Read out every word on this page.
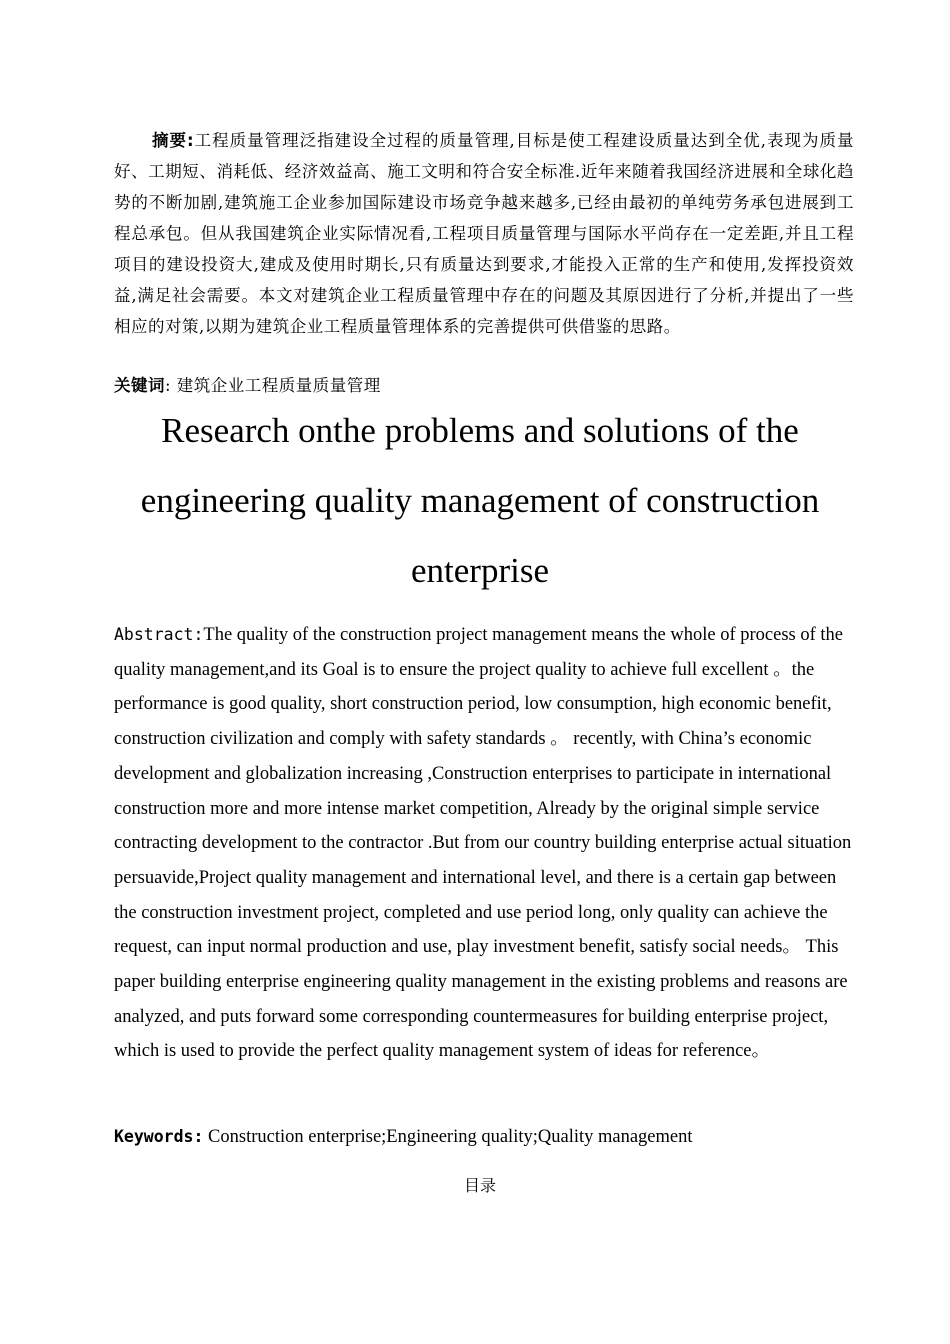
摘要:工程质量管理泛指建设全过程的质量管理,目标是使工程建设质量达到全优,表现为质量好、工期短、消耗低、经济效益高、施工文明和符合安全标准.近年来随着我国经济进展和全球化趋势的不断加剧,建筑施工企业参加国际建设市场竞争越来越多,已经由最初的单纯劳务承包进展到工程总承包。但从我国建筑企业实际情况看,工程项目质量管理与国际水平尚存在一定差距,并且工程项目的建设投资大,建成及使用时期长,只有质量达到要求,才能投入正常的生产和使用,发挥投资效益,满足社会需要。本文对建筑企业工程质量管理中存在的问题及其原因进行了分析,并提出了一些相应的对策,以期为建筑企业工程质量管理体系的完善提供可供借鉴的思路。

关键词: 建筑企业工程质量质量管理

Research onthe problems and solutions of the engineering quality management of construction enterprise

Abstract:The quality of the construction project management means the whole of process of the quality management,and its Goal is to ensure the project quality to achieve full excellent 。the performance is good quality, short construction period, low consumption, high economic benefit, construction civilization and comply with safety standards 。 recently, with China’s economic development and globalization increasing ,Construction enterprises to participate in international construction more and more intense market competition, Already by the original simple service contracting development to the contractor .But from our country building enterprise actual situation persuavide,Project quality management and international level, and there is a certain gap between the construction investment project, completed and use period long, only quality can achieve the request, can input normal production and use, play investment benefit, satisfy social needs。 This paper building enterprise engineering quality management in the existing problems and reasons are analyzed, and puts forward some corresponding countermeasures for building enterprise project, which is used to provide the perfect quality management system of ideas for reference。

Keywords: Construction enterprise;Engineering quality;Quality management

目录
